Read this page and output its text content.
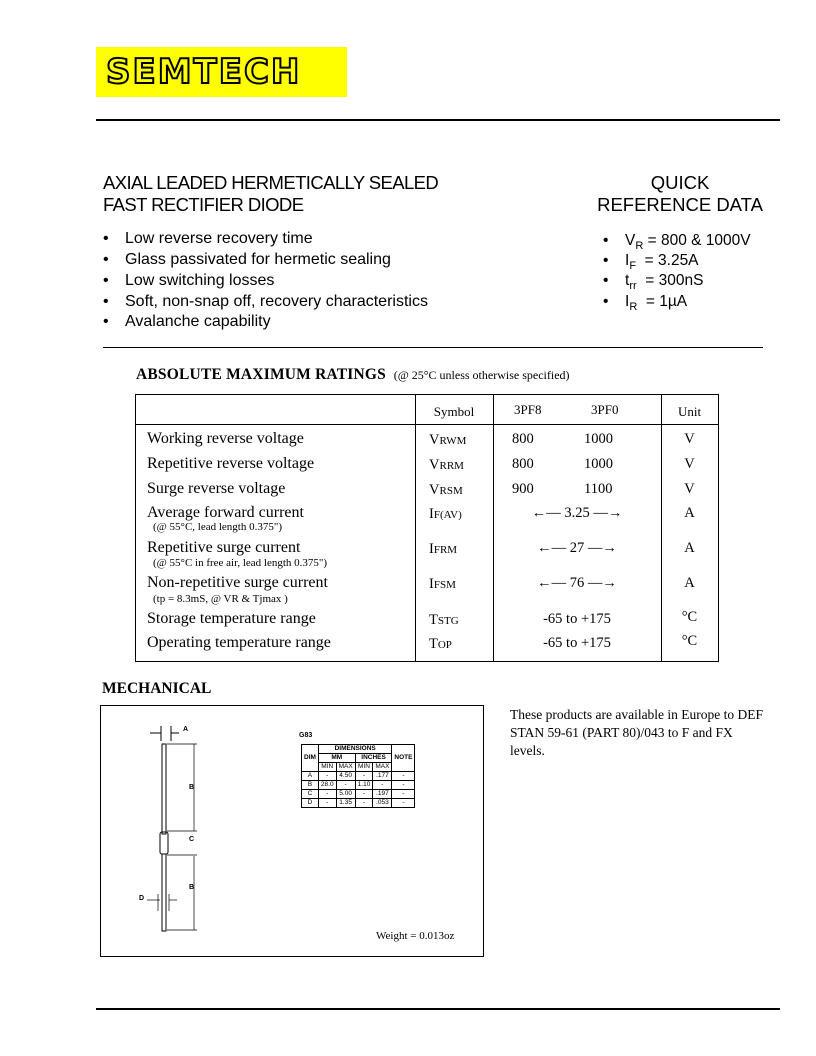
SEMTECH
AXIAL LEADED HERMETICALLY SEALED
FAST RECTIFIER DIODE
QUICK
REFERENCE DATA
• Low reverse recovery time
• Glass passivated for hermetic sealing
• Low switching losses
• Soft, non-snap off, recovery characteristics
• Avalanche capability
• $V_R = 800$ & 1000V
• $I_F = 3.25A$
• $t_{rr} = 300nS$
• $I_R = 1\mu A$
ABSOLUTE MAXIMUM RATINGS (@ 25°C unless otherwise specified)
Symbol	3PF8	3PF0	Unit
Working reverse voltage	VRWM	800	1000	V
Repetitive reverse voltage	VRRM	800	1000	V
Surge reverse voltage	VRSM	900	1100	V
Average forward current
(@ 55°C, lead length 0.375")
IF(AV)	←— 3.25 —→	A
Repetitive surge current
(@ 55°C in free air, lead length 0.375")
IFRM	←— 27 —→	A
Non-repetitive surge current
(tp = 8.3mS, @ VR & Tjmax )
IFSM	←— 76 —→	A
Storage temperature range	TSTG	-65 to +175	°C
Operating temperature range	TOP	-65 to +175	°C
MECHANICAL
A
B
C
B
D
G83
DIM	DIMENSIONS				NOTE
	MM		INCHES		
	MIN	MAX	MIN	MAX	
A	-	4.50	-	.177	-
B	28.0	-	1.10	-	-
C	-	5.00	-	.197	-
D	-	1.35	-	.053	-
Weight = 0.013oz
These products are available in Europe to DEF STAN 59-61 (PART 80)/043 to F and FX levels.
